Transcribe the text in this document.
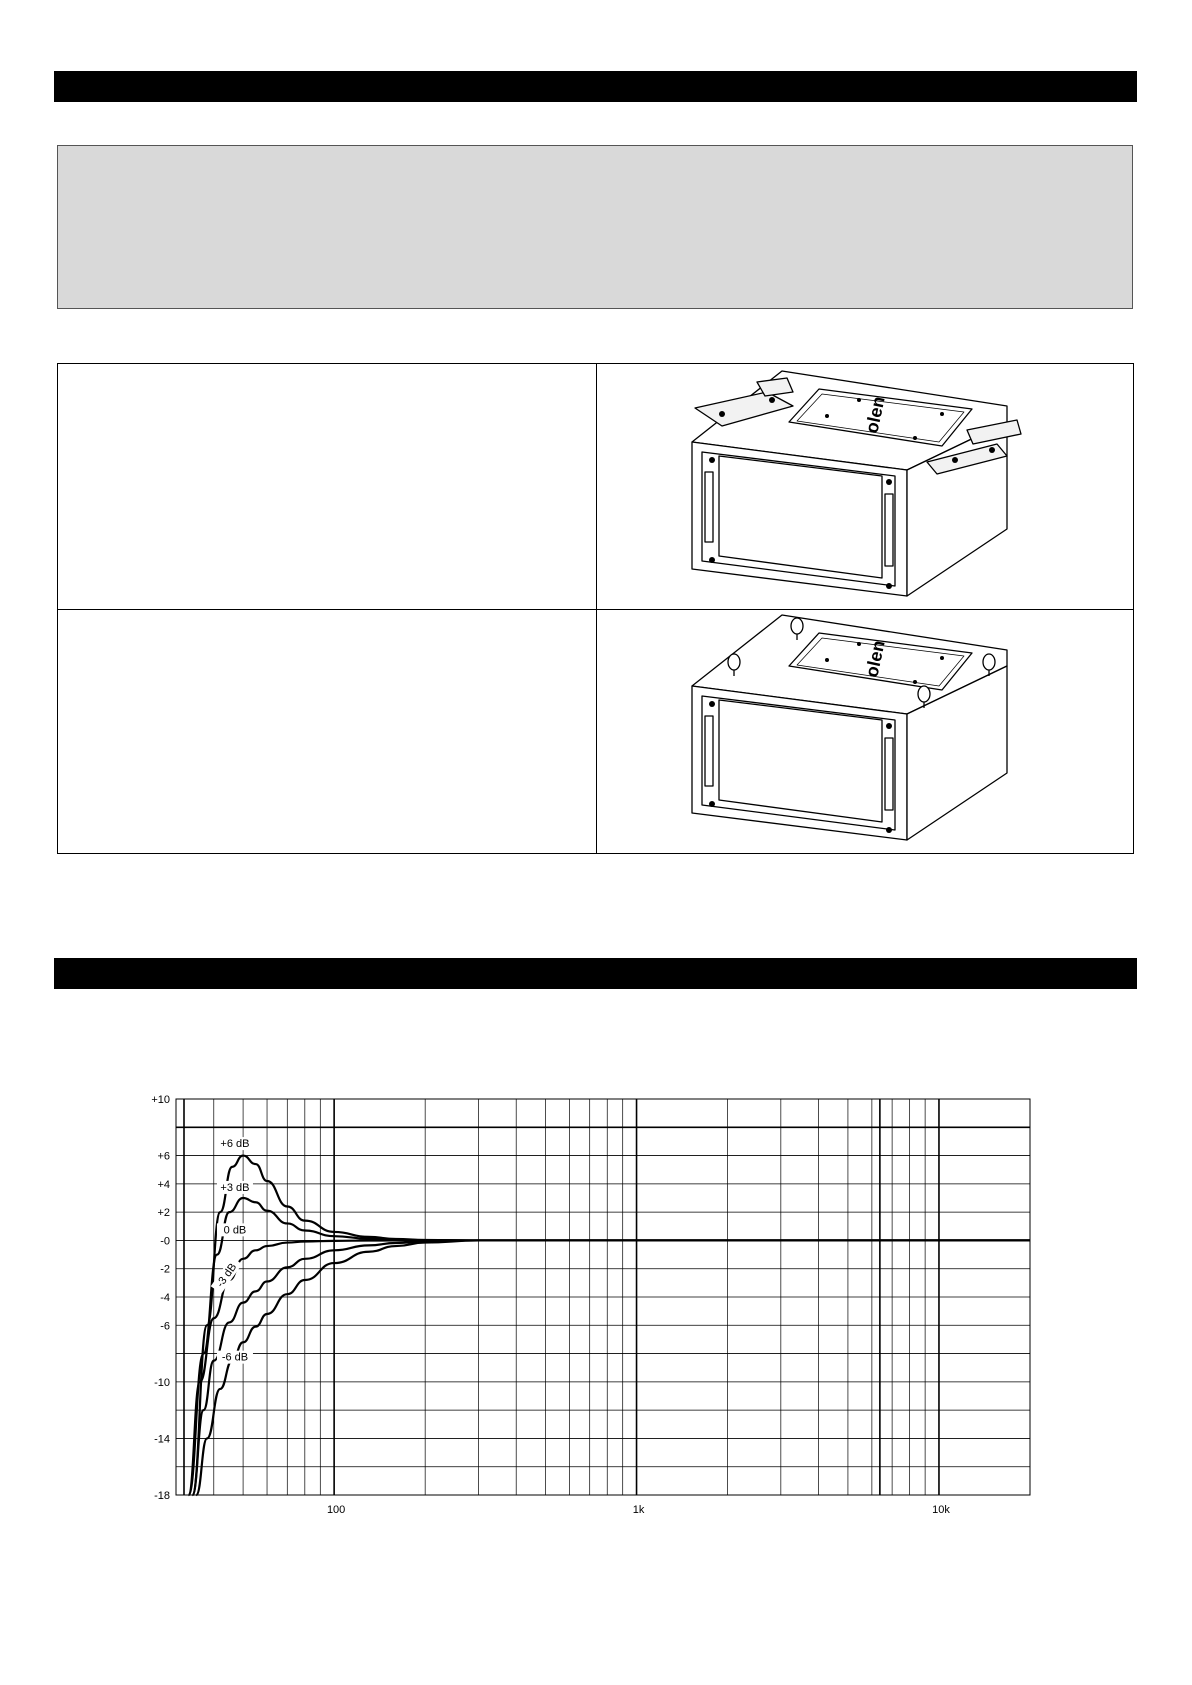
olen
olen
+10
+6
+4
+2
-0
-2
-4
-6
-10
-14
-18
100	1k	10k
+6 dB
+3 dB
0 dB
-3 dB
-6 dB
